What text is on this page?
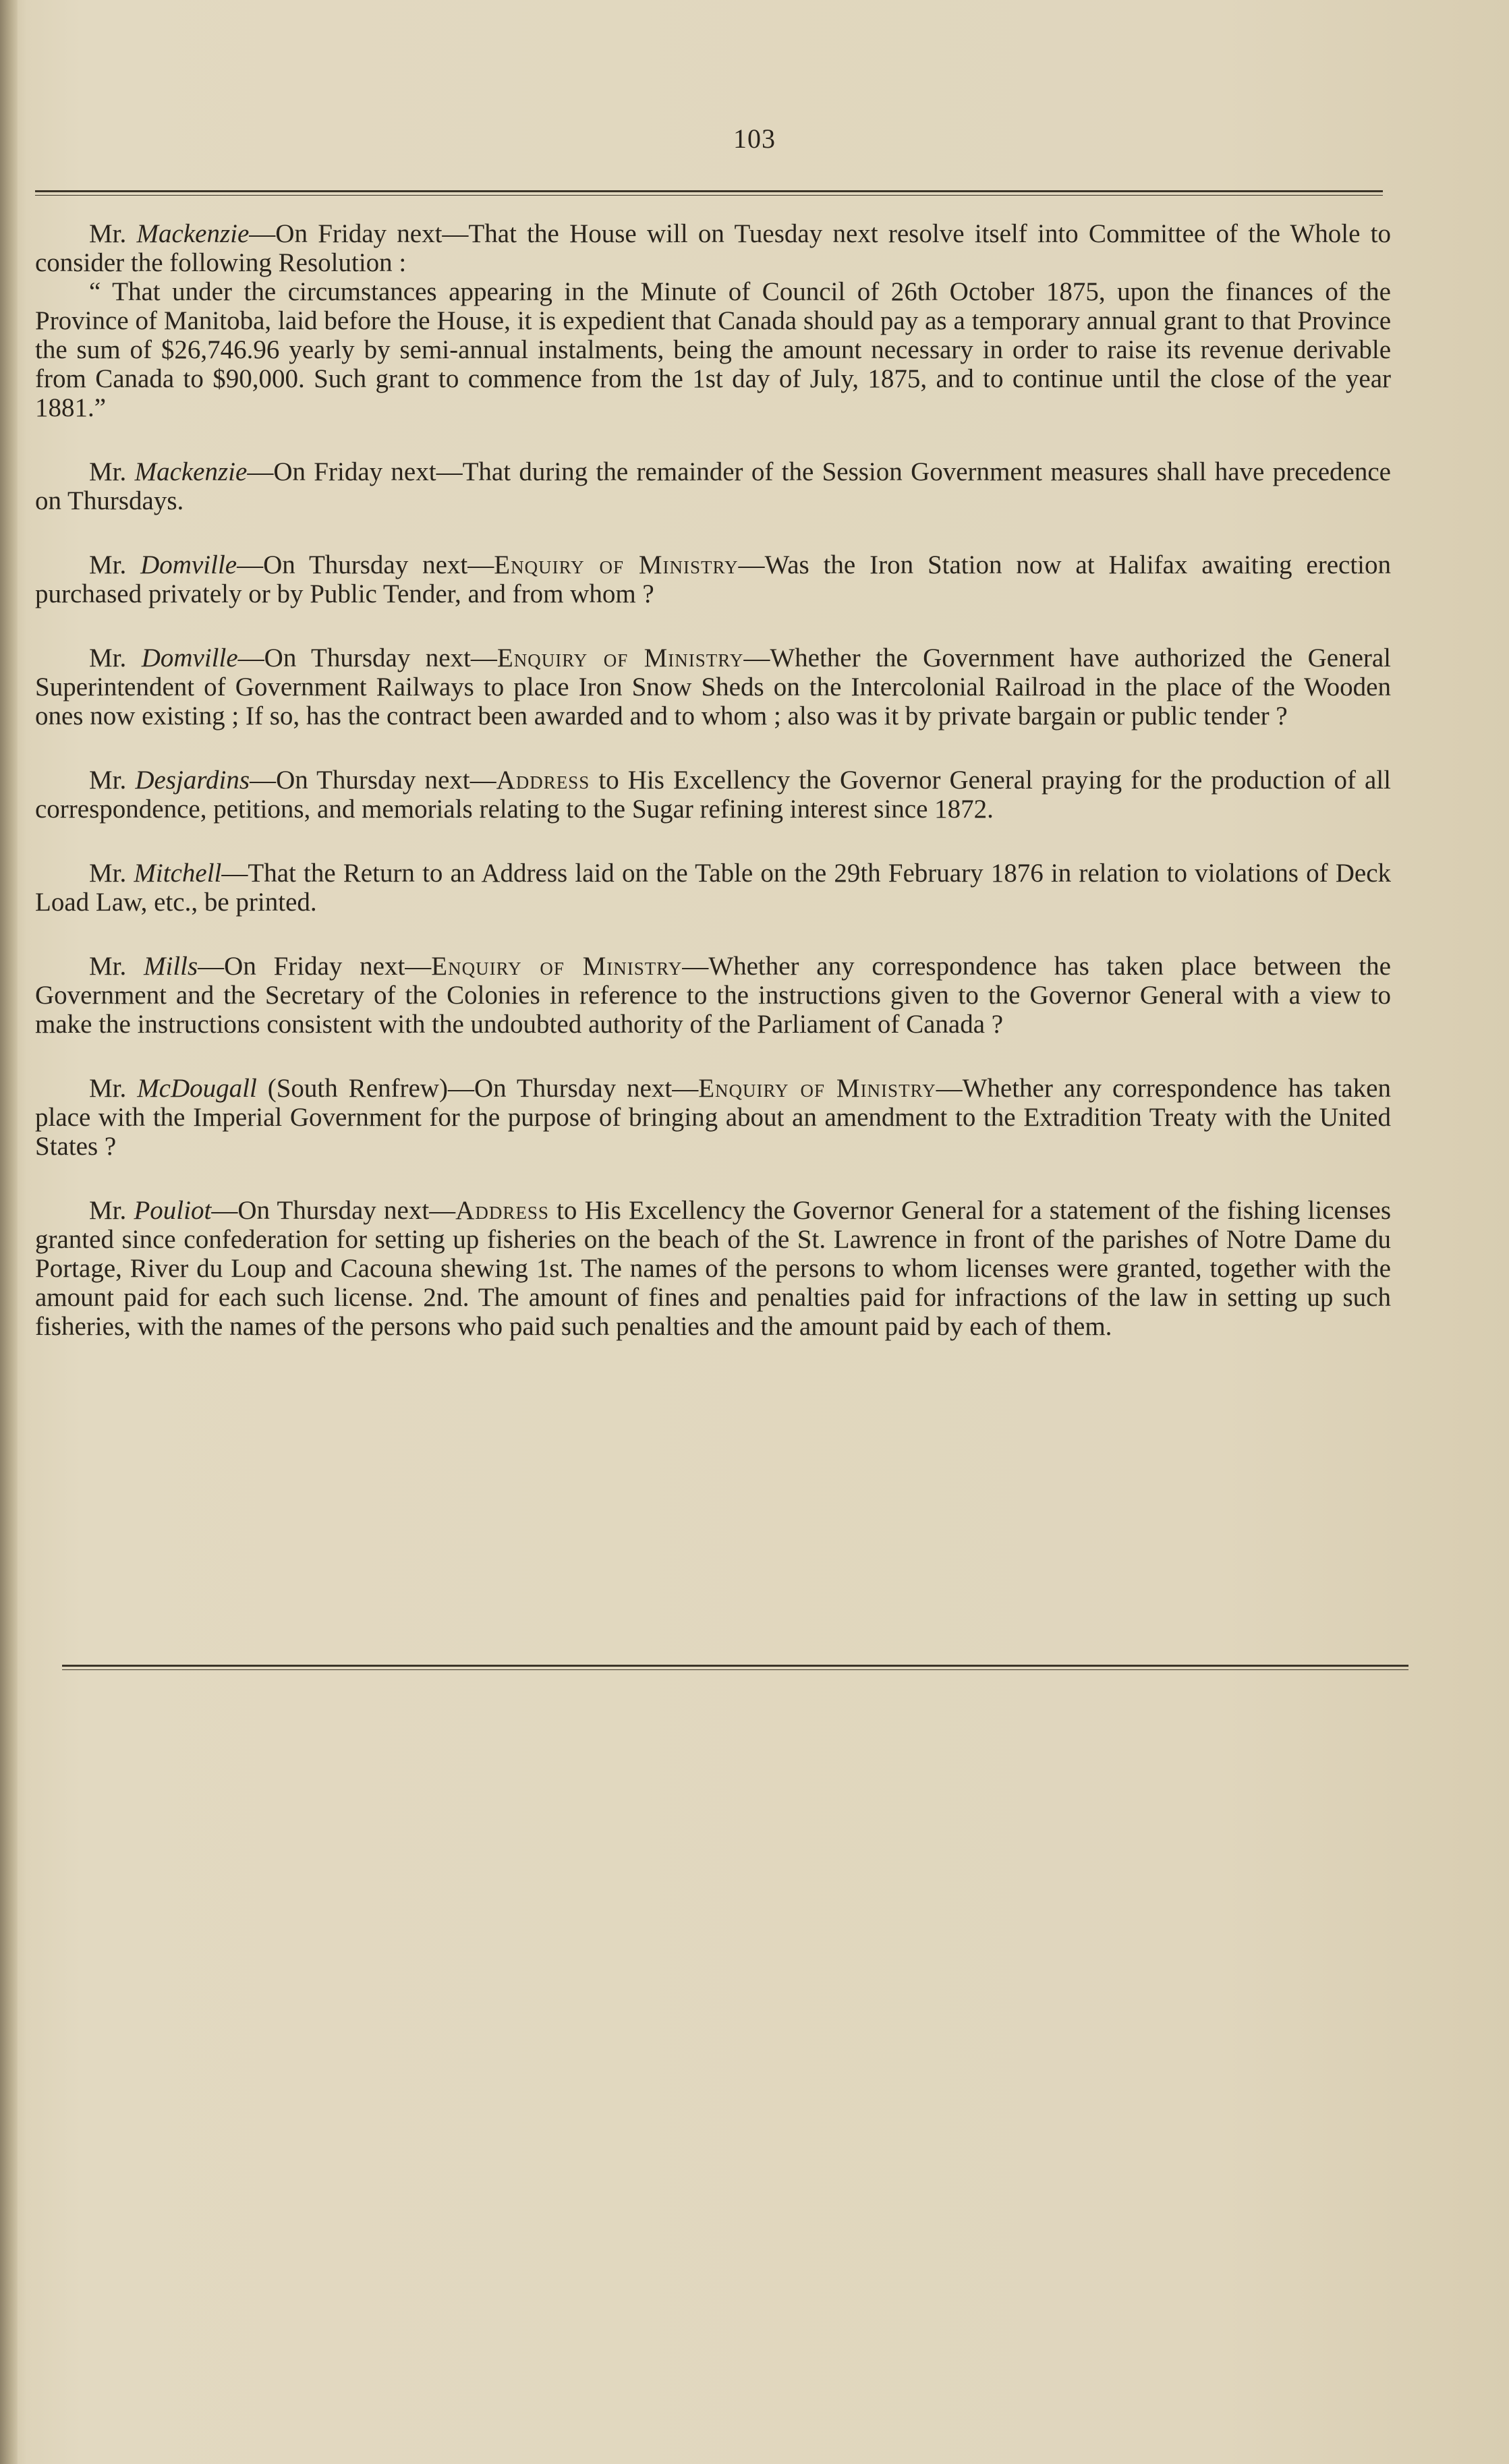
103

Mr. Mackenzie—On Friday next—That the House will on Tuesday next resolve itself into Committee of the Whole to consider the following Resolution :

“ That under the circumstances appearing in the Minute of Council of 26th October 1875, upon the finances of the Province of Manitoba, laid before the House, it is expedient that Canada should pay as a temporary annual grant to that Province the sum of $26,746.96 yearly by semi-annual instalments, being the amount necessary in order to raise its revenue derivable from Canada to $90,000. Such grant to commence from the 1st day of July, 1875, and to continue until the close of the year 1881.”

Mr. Mackenzie—On Friday next—That during the remainder of the Session Government measures shall have precedence on Thursdays.

Mr. Domville—On Thursday next—Enquiry of Ministry—Was the Iron Station now at Halifax awaiting erection purchased privately or by Public Tender, and from whom ?

Mr. Domville—On Thursday next—Enquiry of Ministry—Whether the Government have authorized the General Superintendent of Government Railways to place Iron Snow Sheds on the Intercolonial Railroad in the place of the Wooden ones now existing ; If so, has the contract been awarded and to whom ; also was it by private bargain or public tender ?

Mr. Desjardins—On Thursday next—Address to His Excellency the Governor General praying for the production of all correspondence, petitions, and memorials relating to the Sugar refining interest since 1872.

Mr. Mitchell—That the Return to an Address laid on the Table on the 29th February 1876 in relation to violations of Deck Load Law, etc., be printed.

Mr. Mills—On Friday next—Enquiry of Ministry—Whether any correspondence has taken place between the Government and the Secretary of the Colonies in reference to the instructions given to the Governor General with a view to make the instructions consistent with the undoubted authority of the Parliament of Canada ?

Mr. McDougall (South Renfrew)—On Thursday next—Enquiry of Ministry—Whether any correspondence has taken place with the Imperial Government for the purpose of bringing about an amendment to the Extradition Treaty with the United States ?

Mr. Pouliot—On Thursday next—Address to His Excellency the Governor General for a statement of the fishing licenses granted since confederation for setting up fisheries on the beach of the St. Lawrence in front of the parishes of Notre Dame du Portage, River du Loup and Cacouna shewing 1st. The names of the persons to whom licenses were granted, together with the amount paid for each such license. 2nd. The amount of fines and penalties paid for infractions of the law in setting up such fisheries, with the names of the persons who paid such penalties and the amount paid by each of them.
